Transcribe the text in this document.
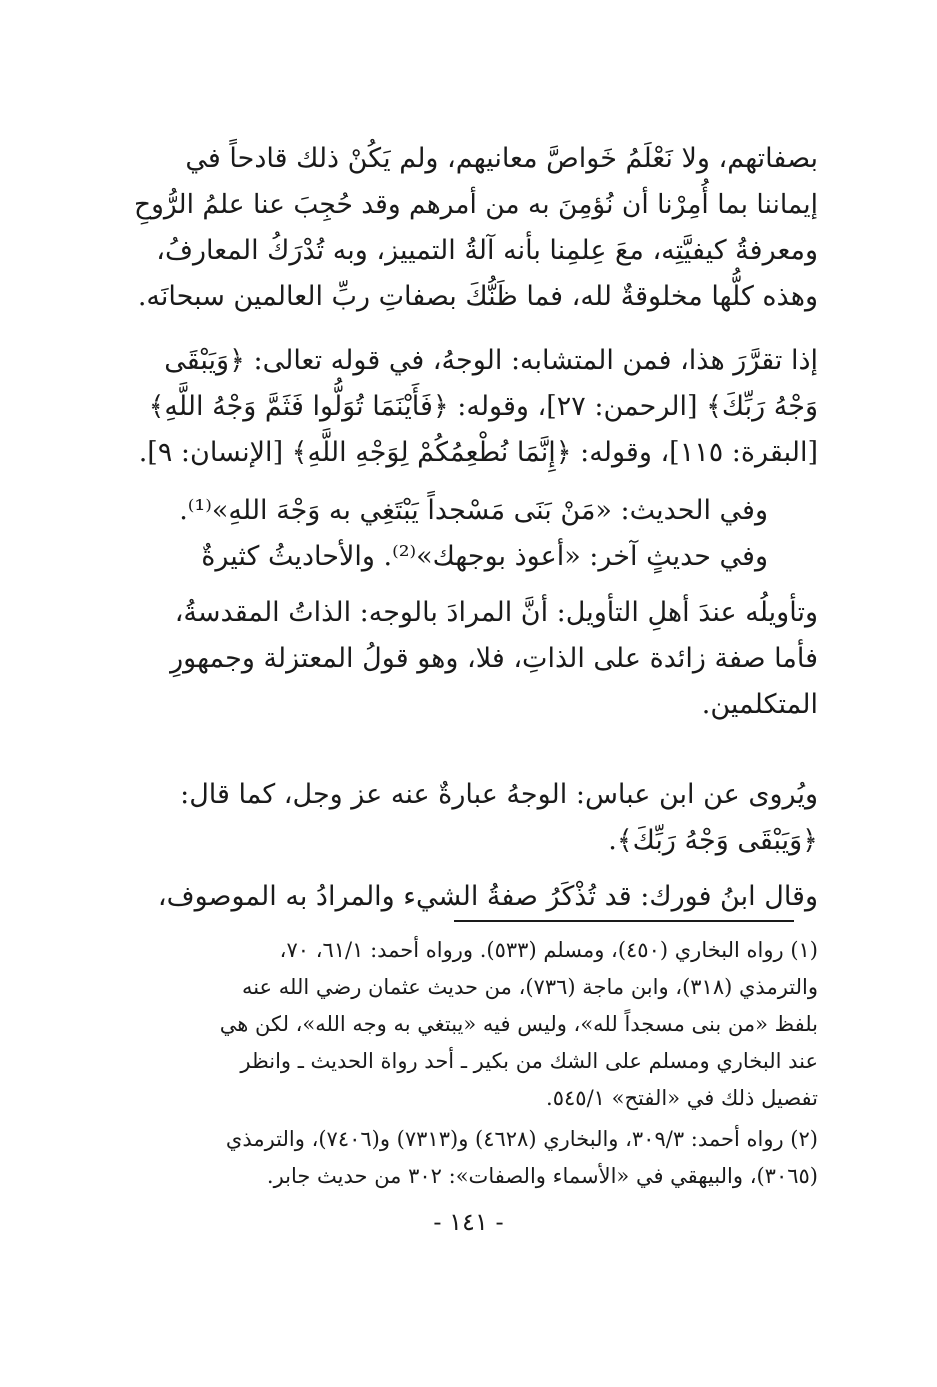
بصفاتهم، ولا نَعْلَمُ خَواصَّ معانيهم، ولم يَكُنْ ذلك قادحاً في
إيماننا بما أُمِرْنا أن نُؤمِنَ به من أمرهم وقد حُجِبَ عنا علمُ الرُّوحِ
ومعرفةُ كيفيَّتِه، معَ عِلمِنا بأنه آلةُ التمييز، وبه تُدْرَكُ المعارفُ،
وهذه كلُّها مخلوقةٌ لله، فما ظَنُّكَ بصفاتِ ربِّ العالمين سبحانَه.

إذا تقرَّرَ هذا، فمن المتشابه: الوجهُ، في قوله تعالى: ﴿وَيَبْقَى
وَجْهُ رَبِّكَ﴾ [الرحمن: ٢٧]، وقوله: ﴿فَأَيْنَمَا تُوَلُّوا فَثَمَّ وَجْهُ اللَّهِ﴾
[البقرة: ١١٥]، وقوله: ﴿إِنَّمَا نُطْعِمُكُمْ لِوَجْهِ اللَّهِ﴾ [الإنسان: ٩].

وفي الحديث: «مَنْ بَنَى مَسْجداً يَبْتَغِي به وَجْهَ اللهِ»⁽¹⁾.
وفي حديثٍ آخر: «أعوذ بوجهك»⁽²⁾. والأحاديثُ كثيرةٌ

وتأويلُه عندَ أهلِ التأويل: أنَّ المرادَ بالوجه: الذاتُ المقدسةُ،
فأما صفة زائدة على الذاتِ، فلا، وهو قولُ المعتزلة وجمهورِ
المتكلمين.

ويُروى عن ابن عباس: الوجهُ عبارةٌ عنه عز وجل، كما قال:
﴿وَيَبْقَى وَجْهُ رَبِّكَ﴾.

وقال ابنُ فورك: قد تُذْكَرُ صفةُ الشيء والمرادُ به الموصوف،

(١) رواه البخاري (٤٥٠)، ومسلم (٥٣٣). ورواه أحمد: ٦١/١، ٧٠،
والترمذي (٣١٨)، وابن ماجة (٧٣٦)، من حديث عثمان رضي الله عنه
بلفظ «من بنى مسجداً لله»، وليس فيه «يبتغي به وجه الله»، لكن هي
عند البخاري ومسلم على الشك من بكير ـ أحد رواة الحديث ـ وانظر
تفصيل ذلك في «الفتح» ٥٤٥/١.

(٢) رواه أحمد: ٣٠٩/٣، والبخاري (٤٦٢٨) و(٧٣١٣) و(٧٤٠٦)، والترمذي
(٣٠٦٥)، والبيهقي في «الأسماء والصفات»: ٣٠٢ من حديث جابر.

- ١٤١ -
